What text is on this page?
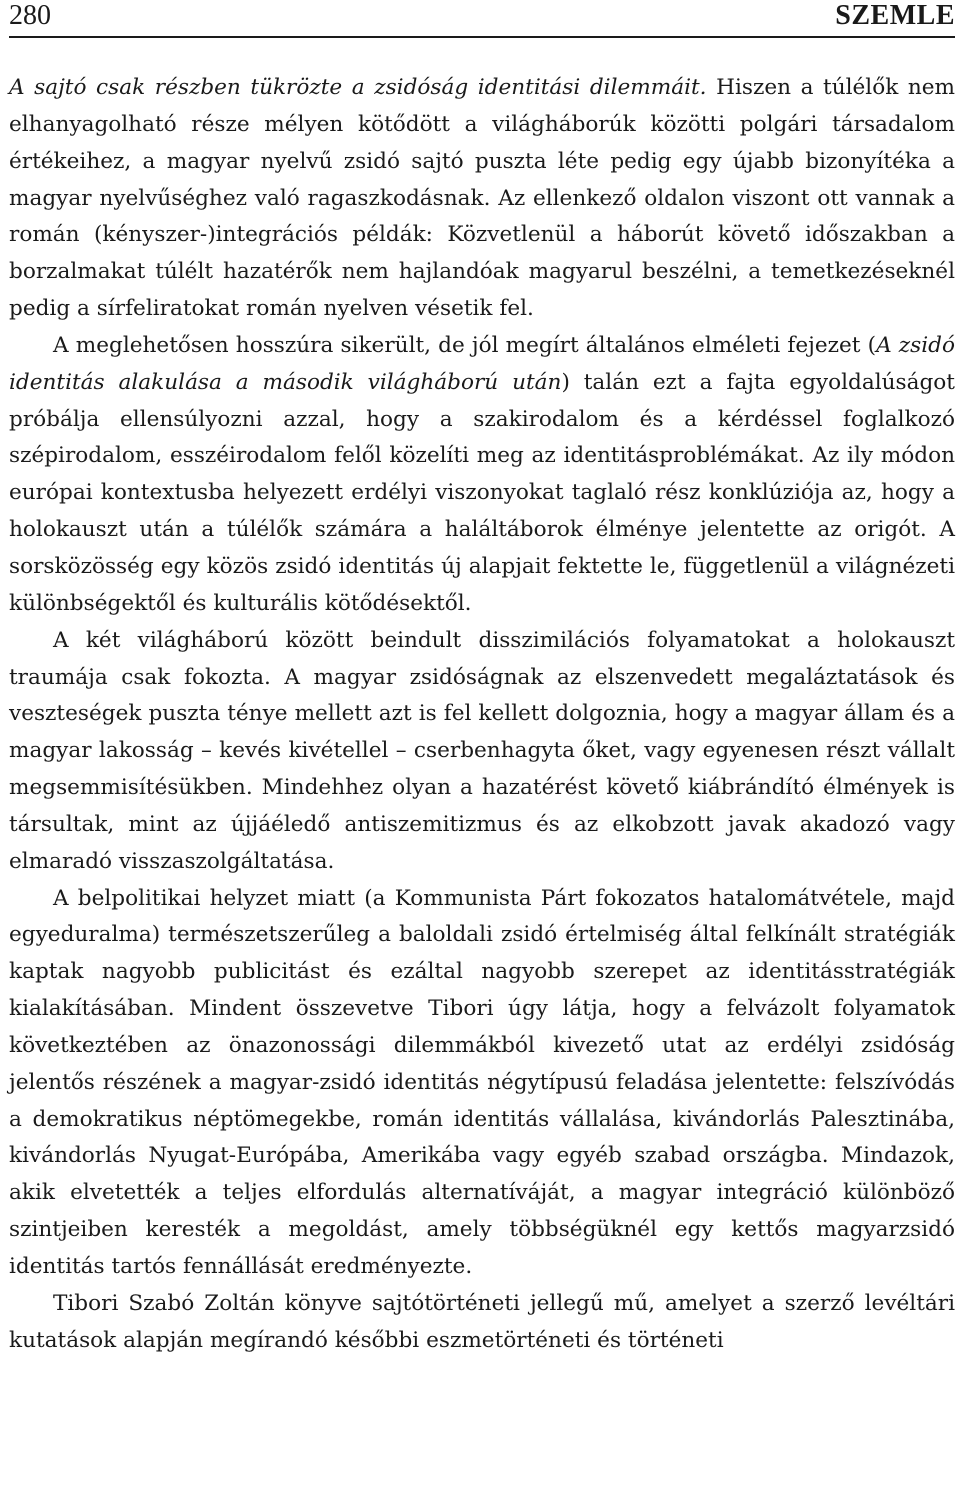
280	SZEMLE

A sajtó csak részben tükrözte a zsidóság identitási dilemmáit. Hiszen a túlélők nem elhanyagolható része mélyen kötődött a világháborúk közötti polgári társadalom értékeihez, a magyar nyelvű zsidó sajtó puszta léte pedig egy újabb bizonyítéka a magyar nyelvűséghez való ragaszkodásnak. Az ellenkező oldalon viszont ott vannak a román (kényszer-)integrációs példák: Közvetlenül a háborút követő időszakban a borzalmakat túlélt hazatérők nem hajlandóak magyarul beszélni, a temetkezéseknél pedig a sírfeliratokat román nyelven vésetik fel.

A meglehetősen hosszúra sikerült, de jól megírt általános elméleti fejezet (A zsidó identitás alakulása a második világháború után) talán ezt a fajta egyoldalúságot próbálja ellensúlyozni azzal, hogy a szakirodalom és a kérdéssel foglalkozó szépirodalom, esszéirodalom felől közelíti meg az identitásproblémákat. Az ily módon európai kontextusba helyezett erdélyi viszonyokat taglaló rész konklúziója az, hogy a holokauszt után a túlélők számára a haláltáborok élménye jelentette az origót. A sorsközösség egy közös zsidó identitás új alapjait fektette le, függetlenül a világnézeti különbségektől és kulturális kötődésektől.

A két világháború között beindult disszimilációs folyamatokat a holokauszt traumája csak fokozta. A magyar zsidóságnak az elszenvedett megaláztatások és veszteségek puszta ténye mellett azt is fel kellett dolgoznia, hogy a magyar állam és a magyar lakosság – kevés kivétellel – cserbenhagyta őket, vagy egyenesen részt vállalt megsemmisítésükben. Mindehhez olyan a hazatérést követő kiábrándító élmények is társultak, mint az újjáéledő antiszemitizmus és az elkobzott javak akadozó vagy elmaradó visszaszolgáltatása.

A belpolitikai helyzet miatt (a Kommunista Párt fokozatos hatalomátvétele, majd egyeduralma) természetszerűleg a baloldali zsidó értelmiség által felkínált stratégiák kaptak nagyobb publicitást és ezáltal nagyobb szerepet az identitásstratégiák kialakításában. Mindent összevetve Tibori úgy látja, hogy a felvázolt folyamatok következtében az önazonossági dilemmákból kivezető utat az erdélyi zsidóság jelentős részének a magyar-zsidó identitás négytípusú feladása jelentette: felszívódás a demokratikus néptömegekbe, román identitás vállalása, kivándorlás Palesztinába, kivándorlás Nyugat-Európába, Amerikába vagy egyéb szabad országba. Mindazok, akik elvetették a teljes elfordulás alternatíváját, a magyar integráció különböző szintjeiben keresték a megoldást, amely többségüknél egy kettős magyarzsidó identitás tartós fennállását eredményezte.

Tibori Szabó Zoltán könyve sajtótörténeti jellegű mű, amelyet a szerző levéltári kutatások alapján megírandó későbbi eszmetörténeti és történeti
